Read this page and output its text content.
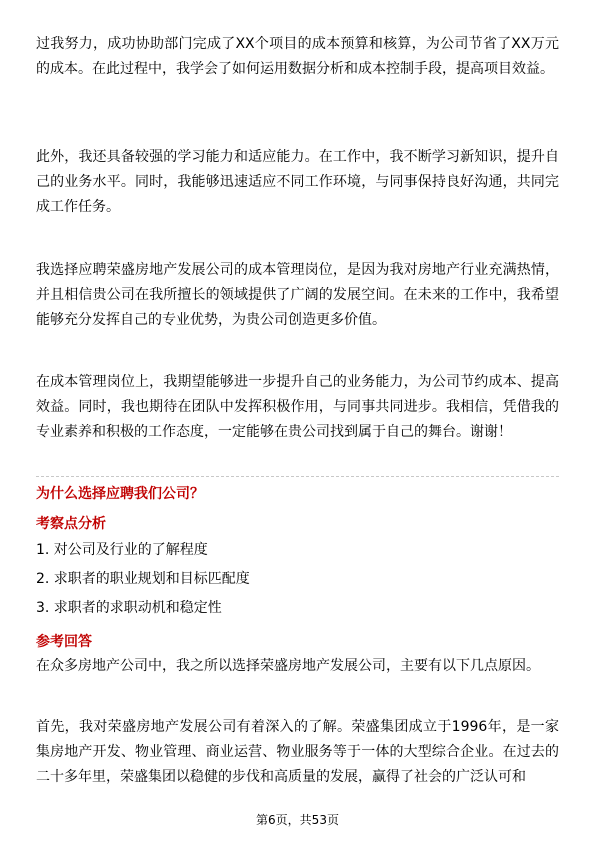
过我努力，成功协助部门完成了XX个项目的成本预算和核算，为公司节省了XX万元的成本。在此过程中，我学会了如何运用数据分析和成本控制手段，提高项目效益。

此外，我还具备较强的学习能力和适应能力。在工作中，我不断学习新知识，提升自己的业务水平。同时，我能够迅速适应不同工作环境，与同事保持良好沟通，共同完成工作任务。

我选择应聘荣盛房地产发展公司的成本管理岗位，是因为我对房地产行业充满热情，并且相信贵公司在我所擅长的领域提供了广阔的发展空间。在未来的工作中，我希望能够充分发挥自己的专业优势，为贵公司创造更多价值。

在成本管理岗位上，我期望能够进一步提升自己的业务能力，为公司节约成本、提高效益。同时，我也期待在团队中发挥积极作用，与同事共同进步。我相信，凭借我的专业素养和积极的工作态度，一定能够在贵公司找到属于自己的舞台。谢谢！

为什么选择应聘我们公司？

考察点分析

1. 对公司及行业的了解程度

2. 求职者的职业规划和目标匹配度

3. 求职者的求职动机和稳定性

参考回答

在众多房地产公司中，我之所以选择荣盛房地产发展公司，主要有以下几点原因。

首先，我对荣盛房地产发展公司有着深入的了解。荣盛集团成立于1996年，是一家集房地产开发、物业管理、商业运营、物业服务等于一体的大型综合企业。在过去的二十多年里，荣盛集团以稳健的步伐和高质量的发展，赢得了社会的广泛认可和

第6页，共53页
